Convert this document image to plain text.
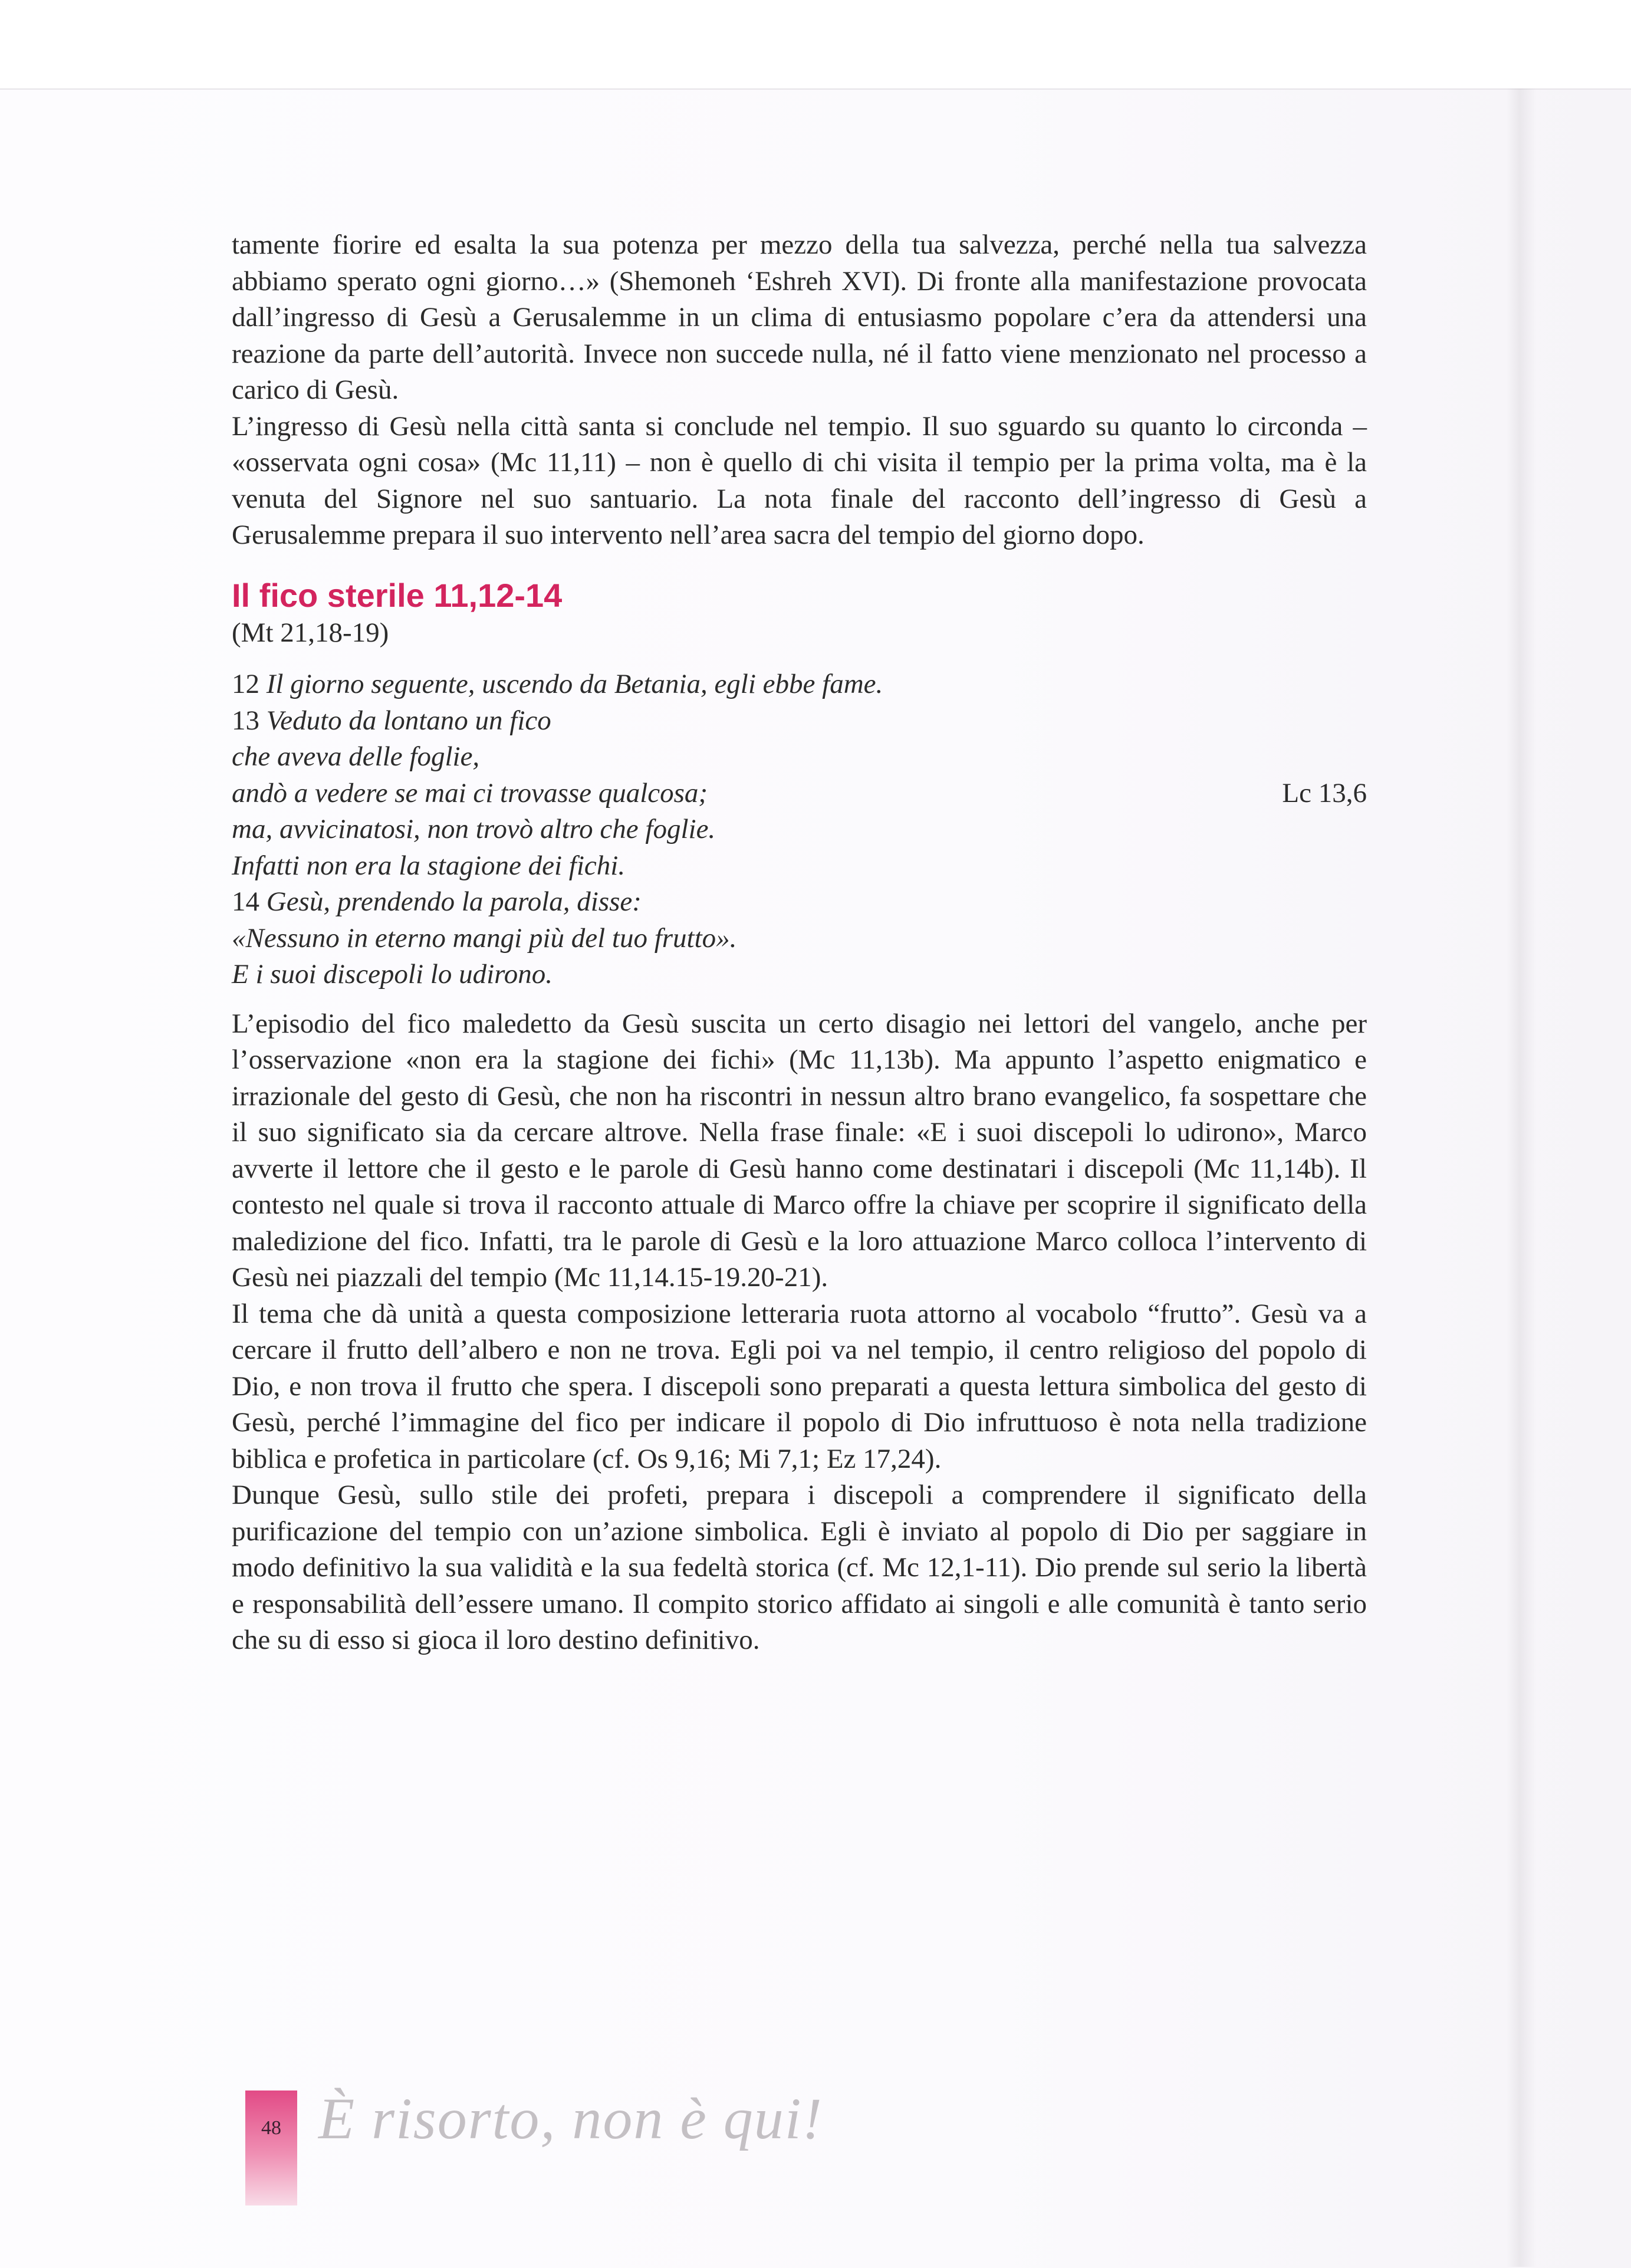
tamente fiorire ed esalta la sua potenza per mezzo della tua salvezza, perché nella tua salvezza abbiamo sperato ogni giorno…» (Shemoneh ‘Eshreh XVI). Di fronte alla manifestazione provocata dall’ingresso di Gesù a Gerusalemme in un clima di entusiasmo popolare c’era da attendersi una reazione da parte dell’autorità. Invece non succede nulla, né il fatto viene menzionato nel processo a carico di Gesù.

L’ingresso di Gesù nella città santa si conclude nel tempio. Il suo sguardo su quanto lo circonda – «osservata ogni cosa» (Mc 11,11) – non è quello di chi visita il tempio per la prima volta, ma è la venuta del Signore nel suo santuario. La nota finale del racconto dell’ingresso di Gesù a Gerusalemme prepara il suo intervento nell’area sacra del tempio del giorno dopo.

Il fico sterile 11,12-14
(Mt 21,18-19)
12 Il giorno seguente, uscendo da Betania, egli ebbe fame.
13 Veduto da lontano un fico
che aveva delle foglie,
andò a vedere se mai ci trovasse qualcosa;	Lc 13,6
ma, avvicinatosi, non trovò altro che foglie.
Infatti non era la stagione dei fichi.
14 Gesù, prendendo la parola, disse:
«Nessuno in eterno mangi più del tuo frutto».
E i suoi discepoli lo udirono.

L’episodio del fico maledetto da Gesù suscita un certo disagio nei lettori del vangelo, anche per l’osservazione «non era la stagione dei fichi» (Mc 11,13b). Ma appunto l’aspetto enigmatico e irrazionale del gesto di Gesù, che non ha riscontri in nessun altro brano evangelico, fa sospettare che il suo significato sia da cercare altrove. Nella frase finale: «E i suoi discepoli lo udirono», Marco avverte il lettore che il gesto e le parole di Gesù hanno come destinatari i discepoli (Mc 11,14b). Il contesto nel quale si trova il racconto attuale di Marco offre la chiave per scoprire il significato della maledizione del fico. Infatti, tra le parole di Gesù e la loro attuazione Marco colloca l’intervento di Gesù nei piazzali del tempio (Mc 11,14.15-19.20-21).

Il tema che dà unità a questa composizione letteraria ruota attorno al vocabolo “frutto”. Gesù va a cercare il frutto dell’albero e non ne trova. Egli poi va nel tempio, il centro religioso del popolo di Dio, e non trova il frutto che spera. I discepoli sono preparati a questa lettura simbolica del gesto di Gesù, perché l’immagine del fico per indicare il popolo di Dio infruttuoso è nota nella tradizione biblica e profetica in particolare (cf. Os 9,16; Mi 7,1; Ez 17,24).

Dunque Gesù, sullo stile dei profeti, prepara i discepoli a comprendere il significato della purificazione del tempio con un’azione simbolica. Egli è inviato al popolo di Dio per saggiare in modo definitivo la sua validità e la sua fedeltà storica (cf. Mc 12,1-11). Dio prende sul serio la libertà e responsabilità dell’essere umano. Il compito storico affidato ai singoli e alle comunità è tanto serio che su di esso si gioca il loro destino definitivo.

48 È risorto, non è qui!
